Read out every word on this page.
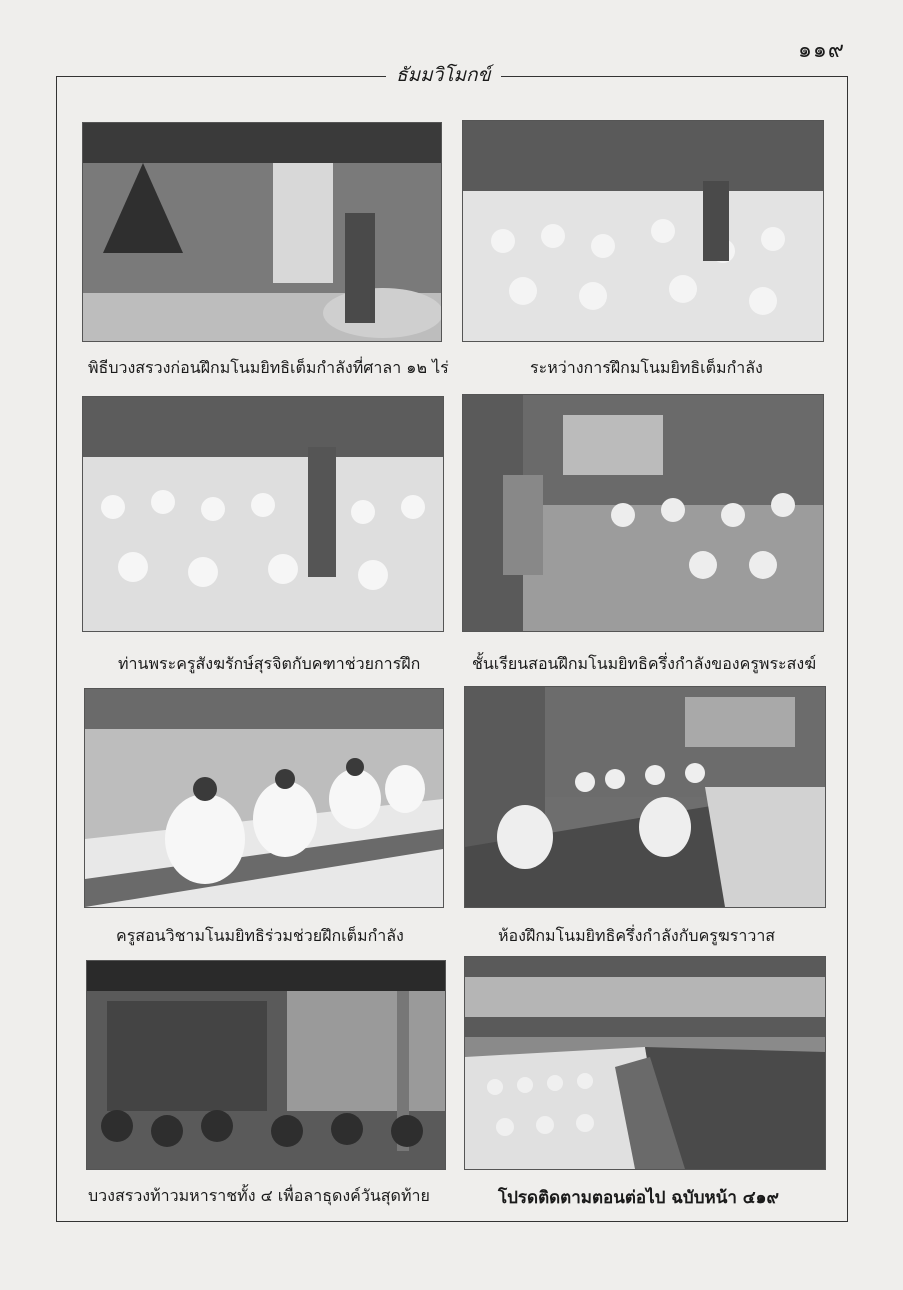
๑๑๙
ธัมมวิโมกข์
พิธีบวงสรวงก่อนฝึกมโนมยิทธิเต็มกำลังที่ศาลา ๑๒ ไร่	ระหว่างการฝึกมโนมยิทธิเต็มกำลัง
ท่านพระครูสังฆรักษ์สุรจิตกับคฑาช่วยการฝึก	ชั้นเรียนสอนฝึกมโนมยิทธิครึ่งกำลังของครูพระสงฆ์
ครูสอนวิชามโนมยิทธิร่วมช่วยฝึกเต็มกำลัง	ห้องฝึกมโนมยิทธิครึ่งกำลังกับครูฆราวาส
บวงสรวงท้าวมหาราชทั้ง ๔ เพื่อลาธุดงค์วันสุดท้าย	โปรดติดตามตอนต่อไป ฉบับหน้า ๔๑๙
